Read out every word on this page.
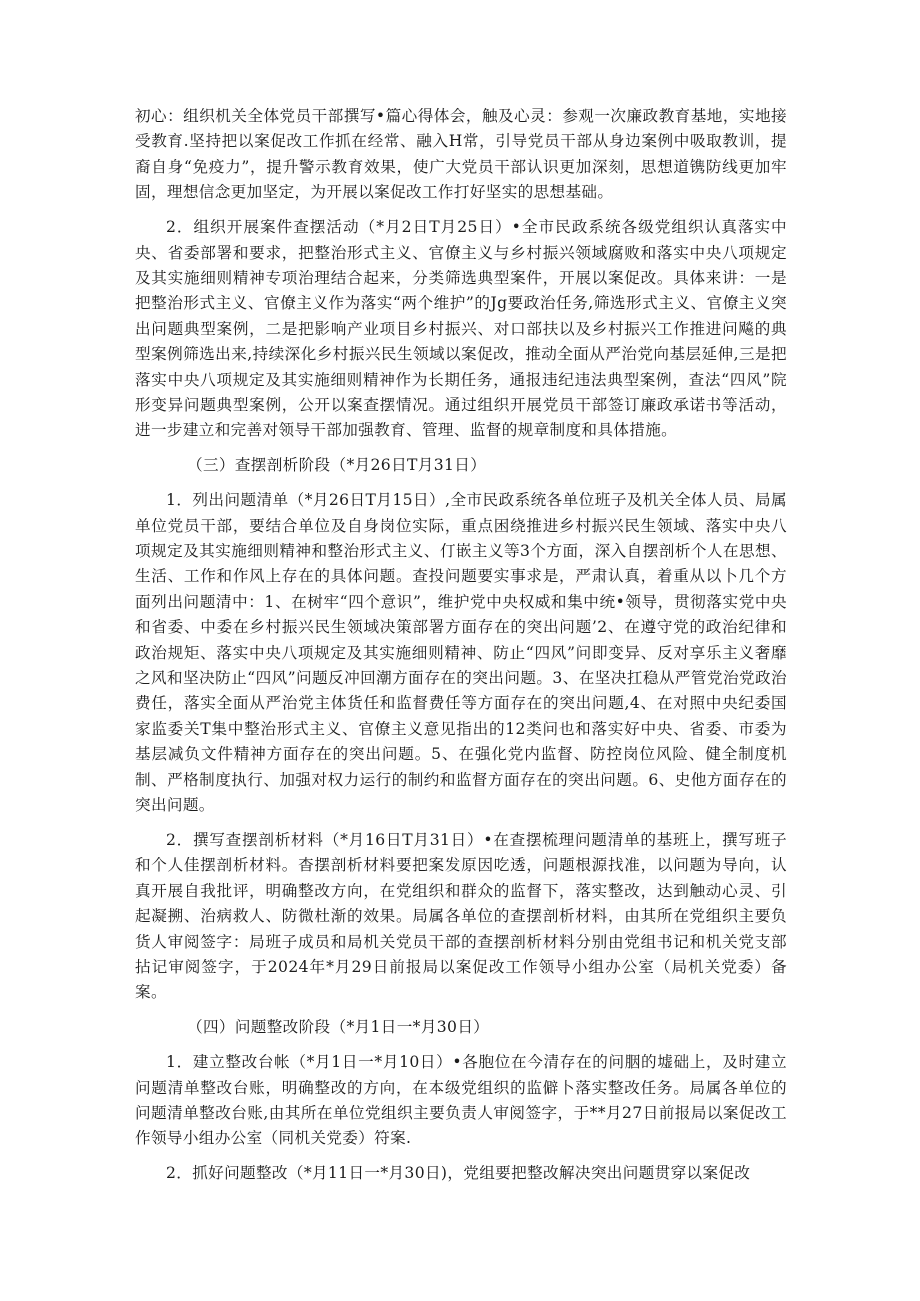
初心：组织机关全体党员干部撰写•篇心得体会，触及心灵：参观一次廉政教育基地，实地接受教育.坚持把以案促改工作抓在经常、融入H常，引导党员干部从身边案例中吸取教训，提裔自身“免疫力”，提升警示教育效果，使广大党员干部认识更加深刻，思想道镌防线更加牢固，理想信念更加坚定，为开展以案促改工作打好坚实的思想基础。

2．组织开展案件查摆活动（*月2日T月25日）•全市民政系统各级党组织认真落实中央、省委部署和要求，把整治形式主义、官僚主义与乡村振兴领域腐败和落实中央八项规定及其实施细则精神专项治理结合起来，分类筛选典型案件，开展以案促改。具体来讲：一是把整治形式主义、官僚主义作为落实“两个维护”的Jg要政治任务,筛选形式主义、官僚主义突出问题典型案例，二是把影响产业项目乡村振兴、对口部扶以及乡村振兴工作推进问飚的典型案例筛选出来,持续深化乡村振兴民生领域以案促改，推动全面从严治党向基层延伸,三是把落实中央八项规定及其实施细则精神作为长期任务，通报违纪违法典型案例，查法“四风”院形变异问题典型案例，公开以案查摆情况。通过组织开展党员干部签订廉政承诺书等活动，进一步建立和完善对领导干部加强教育、管理、监督的规章制度和具体措施。

（三）查摆剖析阶段（*月26日T月31日）

1．列出问题清单（*月26日T月15日）,全市民政系统各单位班子及机关全体人员、局属单位党员干部，要结合单位及自身岗位实际，重点困绕推进乡村振兴民生领域、落实中央八项规定及其实施细则精神和整治形式主义、仃嵌主义等3个方面，深入自摆剖析个人在思想、生活、工作和作风上存在的具体问题。查投问题要实事求是，严肃认真，着重从以卜几个方面列出问题清中：1、在树牢“四个意识”，维护党中央权威和集中统•领导，贯彻落实党中央和省委、中委在乡村振兴民生领域决策部署方面存在的突出问题’2、在遵守党的政治纪律和政治规矩、落实中央八项规定及其实施细则精神、防止“四风”问即变异、反对享乐主义奢靡之风和坚决防止“四风”问题反冲回潮方面存在的突出问题。3、在坚决扛稳从严管党治党政治费任，落实全面从严治党主体货任和监督费任等方面存在的突出问题,4、在对照中央纪委国家监委关T集中整治形式主义、官僚主义意见指出的12类问也和落实好中央、省委、市委为基层减负文件精神方面存在的突出问题。5、在强化党内监督、防控岗位风险、健全制度机制、严格制度执行、加强对权力运行的制约和监督方面存在的突出问题。6、史他方面存在的突出问题。

2．撰写查摆剖析材料（*月16日T月31日）•在查摆梳理问题清单的基班上，撰写班子和个人佳摆剖析材料。杳摆剖析材料要把案发原因吃透，问题根源找准，以问题为导向，认真开展自我批评，明确整改方向，在党组织和群众的监督下，落实整改，达到触动心灵、引起凝搠、治病救人、防微杜渐的效果。局属各单位的查摆剖析材料，由其所在党组织主要负货人审阅签字：局班子成员和局机关党员干部的查摆剖析材料分别由党组书记和机关党支部拈记审阅签字，于2024年*月29日前报局以案促改工作领导小组办公室（局机关党委）备案。

（四）问题整改阶段（*月1日一*月30日）

1．建立整改台帐（*月1日一*月10日）•各胞位在今清存在的问胭的墟础上，及时建立问题清单整改台账，明确整改的方向，在本级党组织的监僻卜落实整改任务。局属各单位的问题清单整改台账,由其所在单位党组织主要负责人审阅签字，于**月27日前报局以案促改工作领导小组办公室（同机关党委）符案.

2．抓好问题整改（*月11日一*月30日)，党组要把整改解决突出问题贯穿以案促改
